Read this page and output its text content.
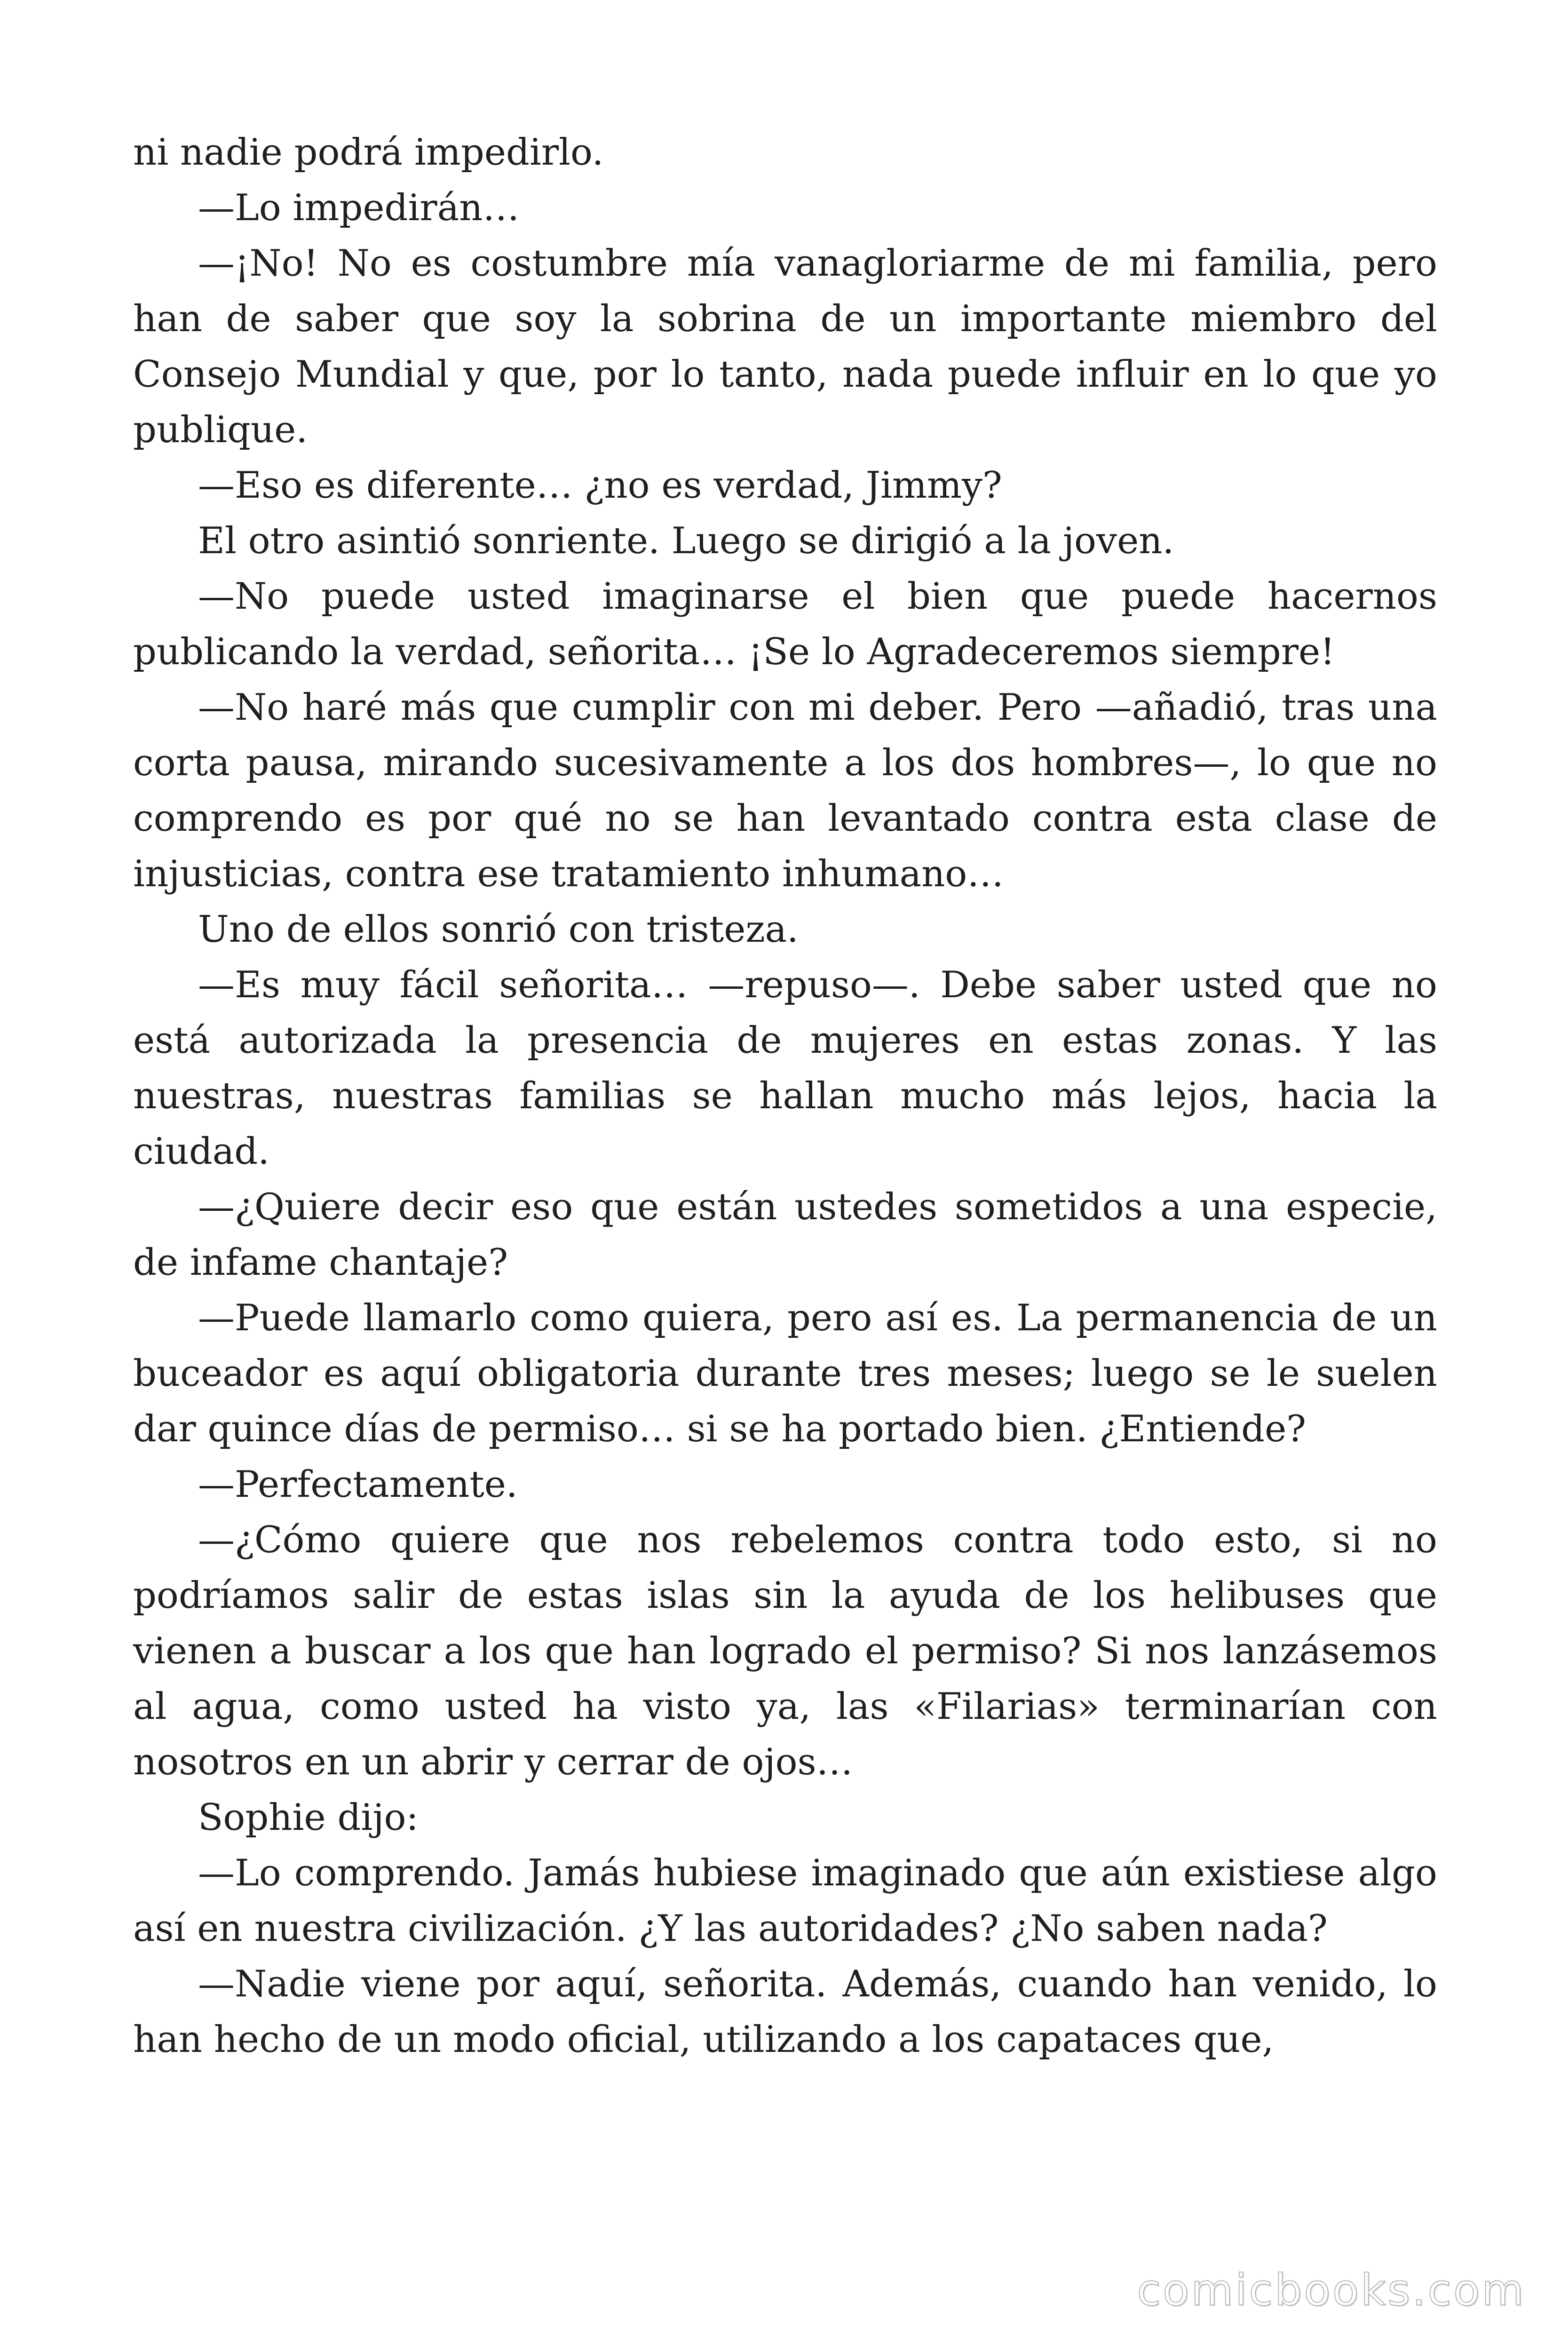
ni nadie podrá impedirlo.

—Lo impedirán…

—¡No! No es costumbre mía vanagloriarme de mi familia, pero han de saber que soy la sobrina de un importante miembro del Consejo Mundial y que, por lo tanto, nada puede influir en lo que yo publique.

—Eso es diferente… ¿no es verdad, Jimmy?

El otro asintió sonriente. Luego se dirigió a la joven.

—No puede usted imaginarse el bien que puede hacernos publicando la verdad, señorita… ¡Se lo Agradeceremos siempre!

—No haré más que cumplir con mi deber. Pero —añadió, tras una corta pausa, mirando sucesivamente a los dos hombres—, lo que no comprendo es por qué no se han levantado contra esta clase de injusticias, contra ese tratamiento inhumano…

Uno de ellos sonrió con tristeza.

—Es muy fácil señorita… —repuso—. Debe saber usted que no está autorizada la presencia de mujeres en estas zonas. Y las nuestras, nuestras familias se hallan mucho más lejos, hacia la ciudad.

—¿Quiere decir eso que están ustedes sometidos a una especie, de infame chantaje?

—Puede llamarlo como quiera, pero así es. La permanencia de un buceador es aquí obligatoria durante tres meses; luego se le suelen dar quince días de permiso… si se ha portado bien. ¿Entiende?

—Perfectamente.

—¿Cómo quiere que nos rebelemos contra todo esto, si no podríamos salir de estas islas sin la ayuda de los helibuses que vienen a buscar a los que han logrado el permiso? Si nos lanzásemos al agua, como usted ha visto ya, las «Filarias» terminarían con nosotros en un abrir y cerrar de ojos…

Sophie dijo:

—Lo comprendo. Jamás hubiese imaginado que aún existiese algo así en nuestra civilización. ¿Y las autoridades? ¿No saben nada?

—Nadie viene por aquí, señorita. Además, cuando han venido, lo han hecho de un modo oficial, utilizando a los capataces que,

comicbooks.com
